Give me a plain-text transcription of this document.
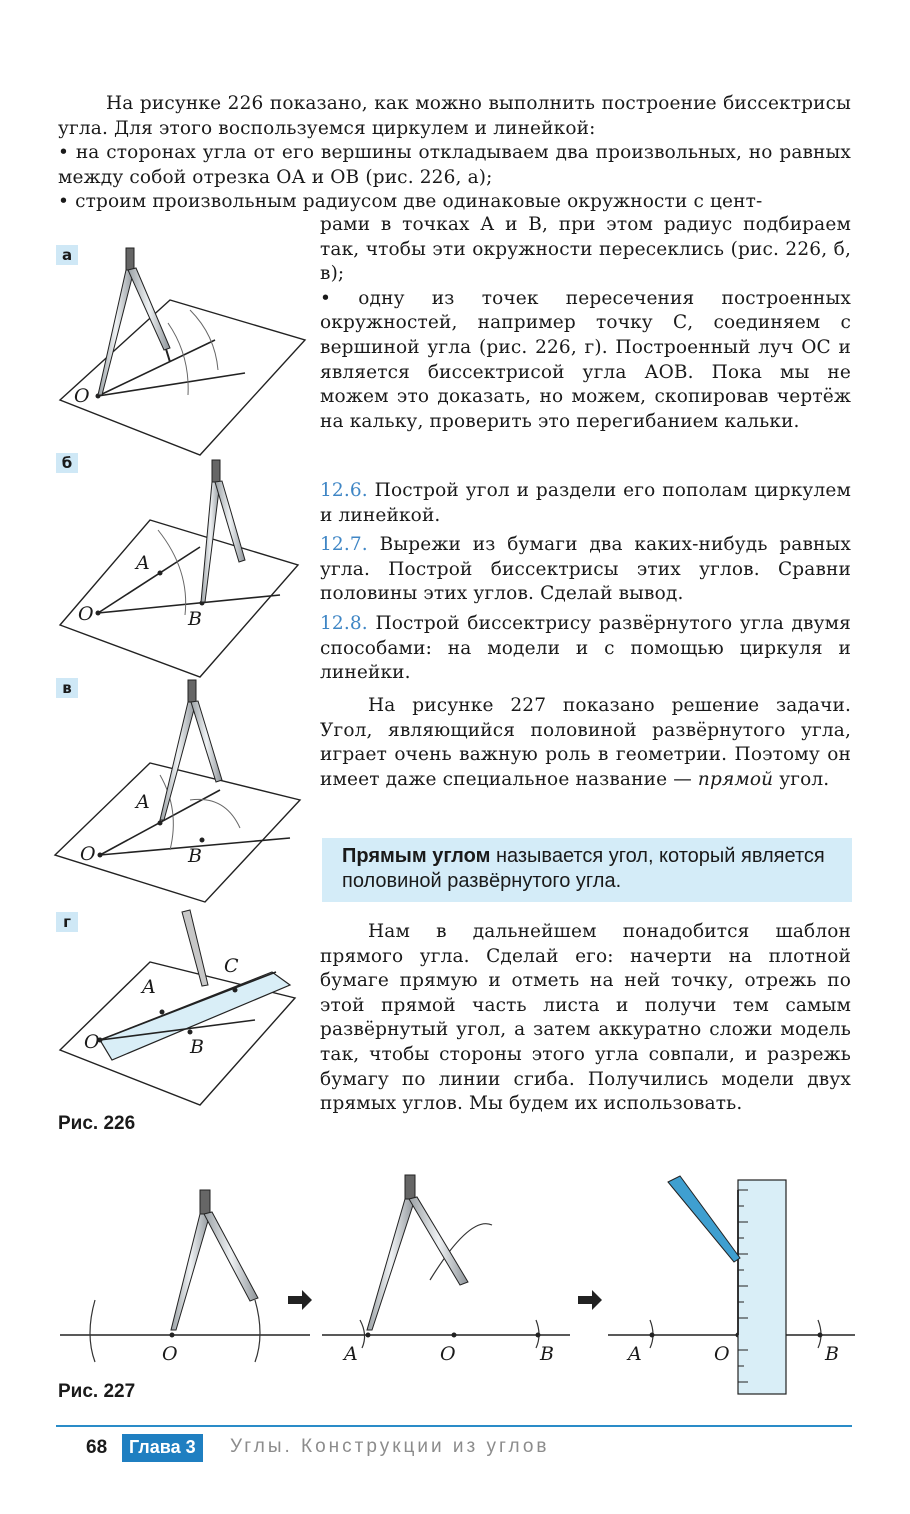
На рисунке 226 показано, как можно выполнить построение биссектрисы угла. Для этого воспользуемся циркулем и линейкой:

• на сторонах угла от его вершины откладываем два произвольных, но равных между собой отрезка ОА и ОВ (рис. 226, а);

• строим произвольным радиусом две одинаковые окружности с цент-

рами в точках А и В, при этом радиус подбираем так, чтобы эти окружности пересеклись (рис. 226, б, в);

• одну из точек пересечения построенных окружностей, например точку С, соединяем с вершиной угла (рис. 226, г). Построенный луч ОС и является биссектрисой угла АОВ. Пока мы не можем это доказать, но можем, скопировав чертёж на кальку, проверить это перегибанием кальки.

12.6. Построй угол и раздели его пополам циркулем и линейкой.

12.7. Вырежи из бумаги два каких-нибудь равных угла. Построй биссектрисы этих углов. Сравни половины этих углов. Сделай вывод.

12.8. Построй биссектрису развёрнутого угла двумя способами: на модели и с помощью циркуля и линейки.

На рисунке 227 показано решение задачи. Угол, являющийся половиной развёрнутого угла, играет очень важную роль в геометрии. Поэтому он имеет даже специальное название — прямой угол.

Прямым углом называется угол, который является половиной развёрнутого угла.

Нам в дальнейшем понадобится шаблон прямого угла. Сделай его: начерти на плотной бумаге прямую и отметь на ней точку, отрежь по этой прямой часть листа и получи тем самым развёрнутый угол, а затем аккуратно сложи модель так, чтобы стороны этого угла совпали, и разрежь бумагу по линии сгиба. Получились модели двух прямых углов. Мы будем их использовать.

а
б
в
г
O
O
A
B
O
A
B
O
A
B
C
Рис. 226
O	A	O	B	A	O	B
Рис. 227
68	Глава 3	Углы. Конструкции из углов
